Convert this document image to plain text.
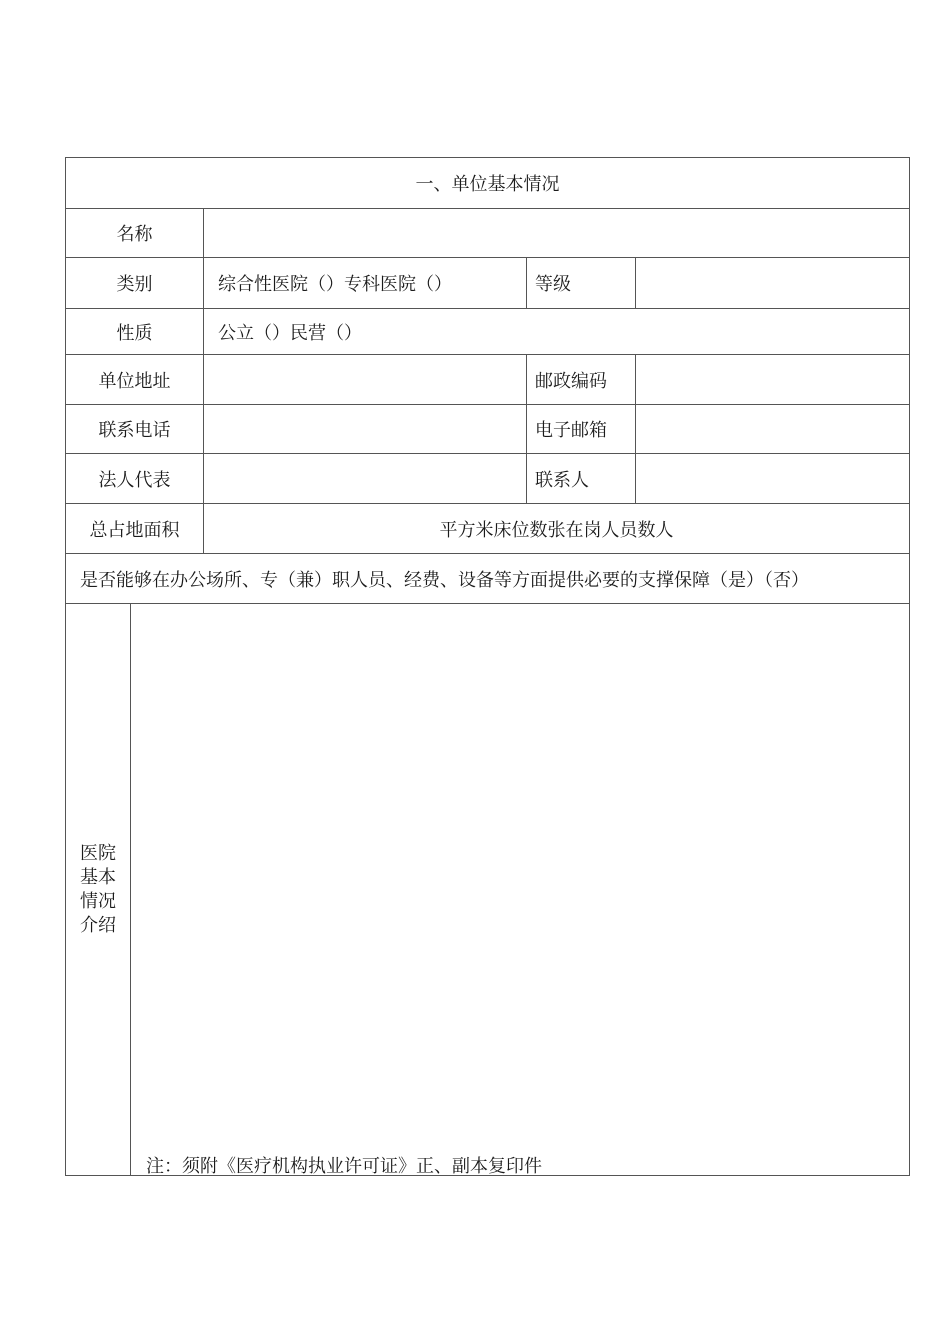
一、单位基本情况
名称
类别	综合性医院（）专科医院（）	等级
性质	公立（）民营（）
单位地址	邮政编码
联系电话	电子邮箱
法人代表	联系人
总占地面积	平方米床位数张在岗人员数人
是否能够在办公场所、专（兼）职人员、经费、设备等方面提供必要的支撑保障（是）（否）
医院基本情况介绍
注：须附《医疗机构执业许可证》正、副本复印件
